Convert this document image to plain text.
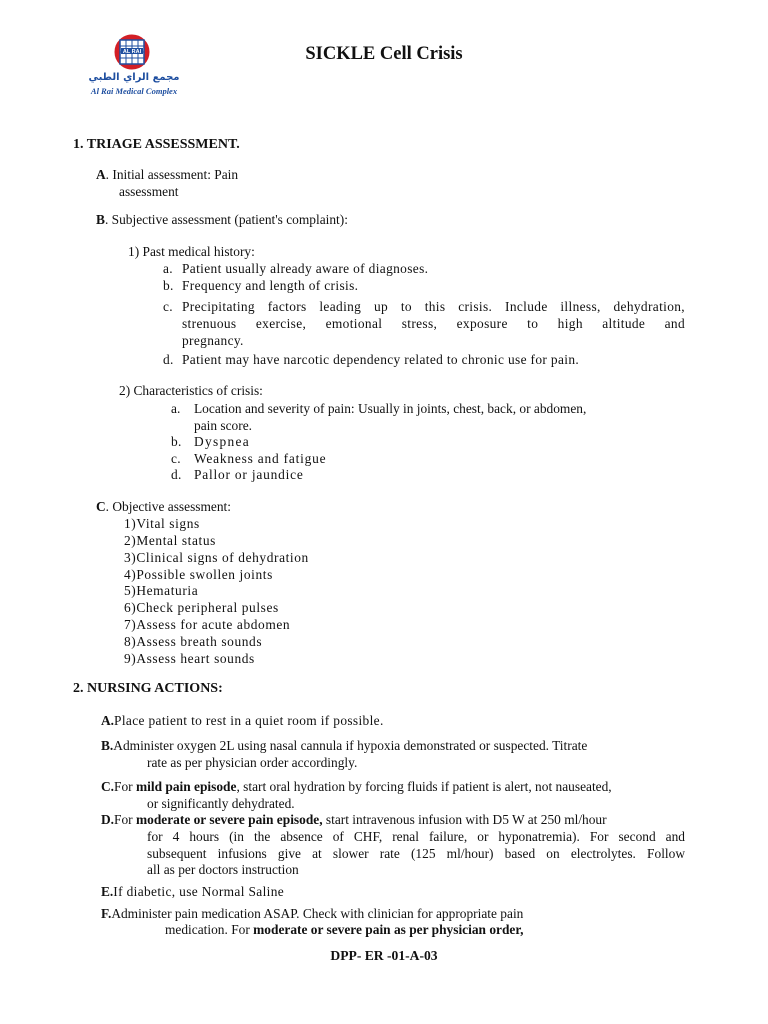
AL RAI
مجمع الراي الطبي
Al Rai Medical Complex
SICKLE Cell Crisis
1. TRIAGE ASSESSMENT.
A. Initial assessment: Pain
assessment
B. Subjective assessment (patient's complaint):
1) Past medical history:
a. Patient usually already aware of diagnoses.
b. Frequency and length of crisis.
c. Precipitating factors leading up to this crisis. Include illness, dehydration,
strenuous exercise, emotional stress, exposure to high altitude and
pregnancy.
d. Patient may have narcotic dependency related to chronic use for pain.
2) Characteristics of crisis:
a. Location and severity of pain: Usually in joints, chest, back, or abdomen,
pain score.
b. Dyspnea
c. Weakness and fatigue
d. Pallor or jaundice
C. Objective assessment:
1)Vital signs
2)Mental status
3)Clinical signs of dehydration
4)Possible swollen joints
5)Hematuria
6)Check peripheral pulses
7)Assess for acute abdomen
8)Assess breath sounds
9)Assess heart sounds
2. NURSING ACTIONS:
A.Place patient to rest in a quiet room if possible.
B.Administer oxygen 2L using nasal cannula if hypoxia demonstrated or suspected. Titrate
rate as per physician order accordingly.
C.For mild pain episode, start oral hydration by forcing fluids if patient is alert, not nauseated,
or significantly dehydrated.
D.For moderate or severe pain episode, start intravenous infusion with D5 W at 250 ml/hour
for 4 hours (in the absence of CHF, renal failure, or hyponatremia). For second and
subsequent infusions give at slower rate (125 ml/hour) based on electrolytes. Follow
all as per doctors instruction
E.If diabetic, use Normal Saline
F.Administer pain medication ASAP. Check with clinician for appropriate pain
medication. For moderate or severe pain as per physician order,
DPP- ER -01-A-03
